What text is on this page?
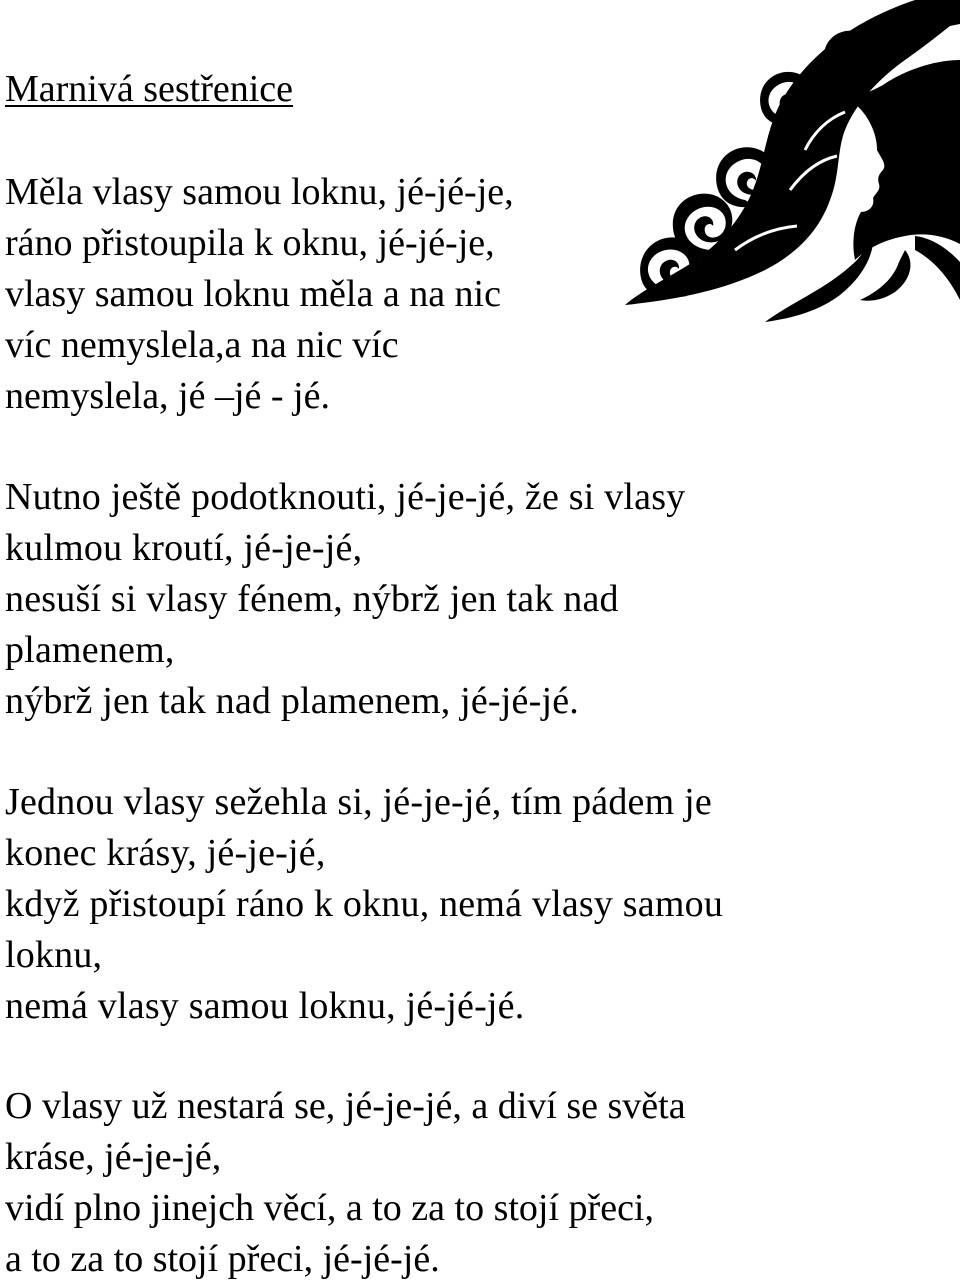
Marnivá sestřenice
Měla vlasy samou loknu, jé-jé-je,
ráno přistoupila k oknu, jé-jé-je,
vlasy samou loknu měla a na nic
víc nemyslela,a na nic víc
nemyslela, jé –jé - jé.
Nutno ještě podotknouti, jé-je-jé, že si vlasy
kulmou kroutí, jé-je-jé,
nesuší si vlasy fénem, nýbrž jen tak nad
plamenem,
nýbrž jen tak nad plamenem, jé-jé-jé.
Jednou vlasy sežehla si, jé-je-jé, tím pádem je
konec krásy, jé-je-jé,
když přistoupí ráno k oknu, nemá vlasy samou
loknu,
nemá vlasy samou loknu, jé-jé-jé.
O vlasy už nestará se, jé-je-jé, a diví se světa
kráse, jé-je-jé,
vidí plno jinejch věcí, a to za to stojí přeci,
a to za to stojí přeci, jé-jé-jé.
